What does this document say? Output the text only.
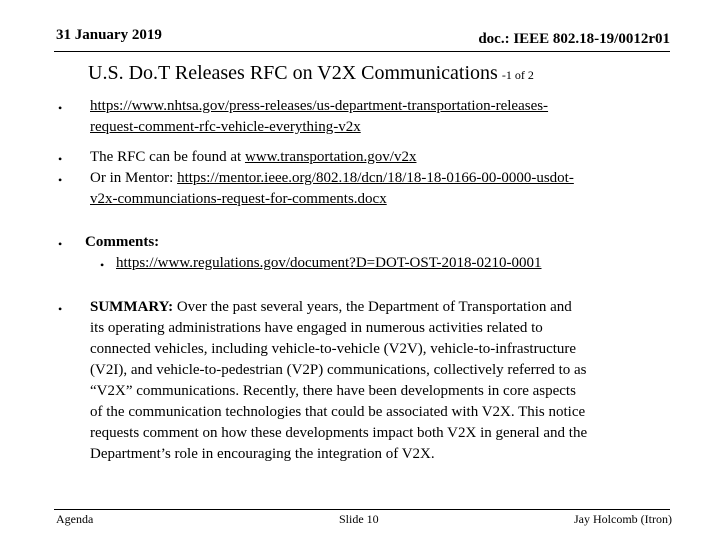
31 January 2019	doc.: IEEE 802.18-19/0012r01
U.S. Do.T Releases RFC on V2X Communications -1 of 2
• https://www.nhtsa.gov/press-releases/us-department-transportation-releases-
request-comment-rfc-vehicle-everything-v2x
• The RFC can be found at www.transportation.gov/v2x
• Or in Mentor: https://mentor.ieee.org/802.18/dcn/18/18-18-0166-00-0000-usdot-
v2x-communciations-request-for-comments.docx
• Comments:
• https://www.regulations.gov/document?D=DOT-OST-2018-0210-0001
• SUMMARY: Over the past several years, the Department of Transportation and
its operating administrations have engaged in numerous activities related to
connected vehicles, including vehicle-to-vehicle (V2V), vehicle-to-infrastructure
(V2I), and vehicle-to-pedestrian (V2P) communications, collectively referred to as
“V2X” communications. Recently, there have been developments in core aspects
of the communication technologies that could be associated with V2X. This notice
requests comment on how these developments impact both V2X in general and the
Department’s role in encouraging the integration of V2X.
Agenda	Slide 10	Jay Holcomb (Itron)
